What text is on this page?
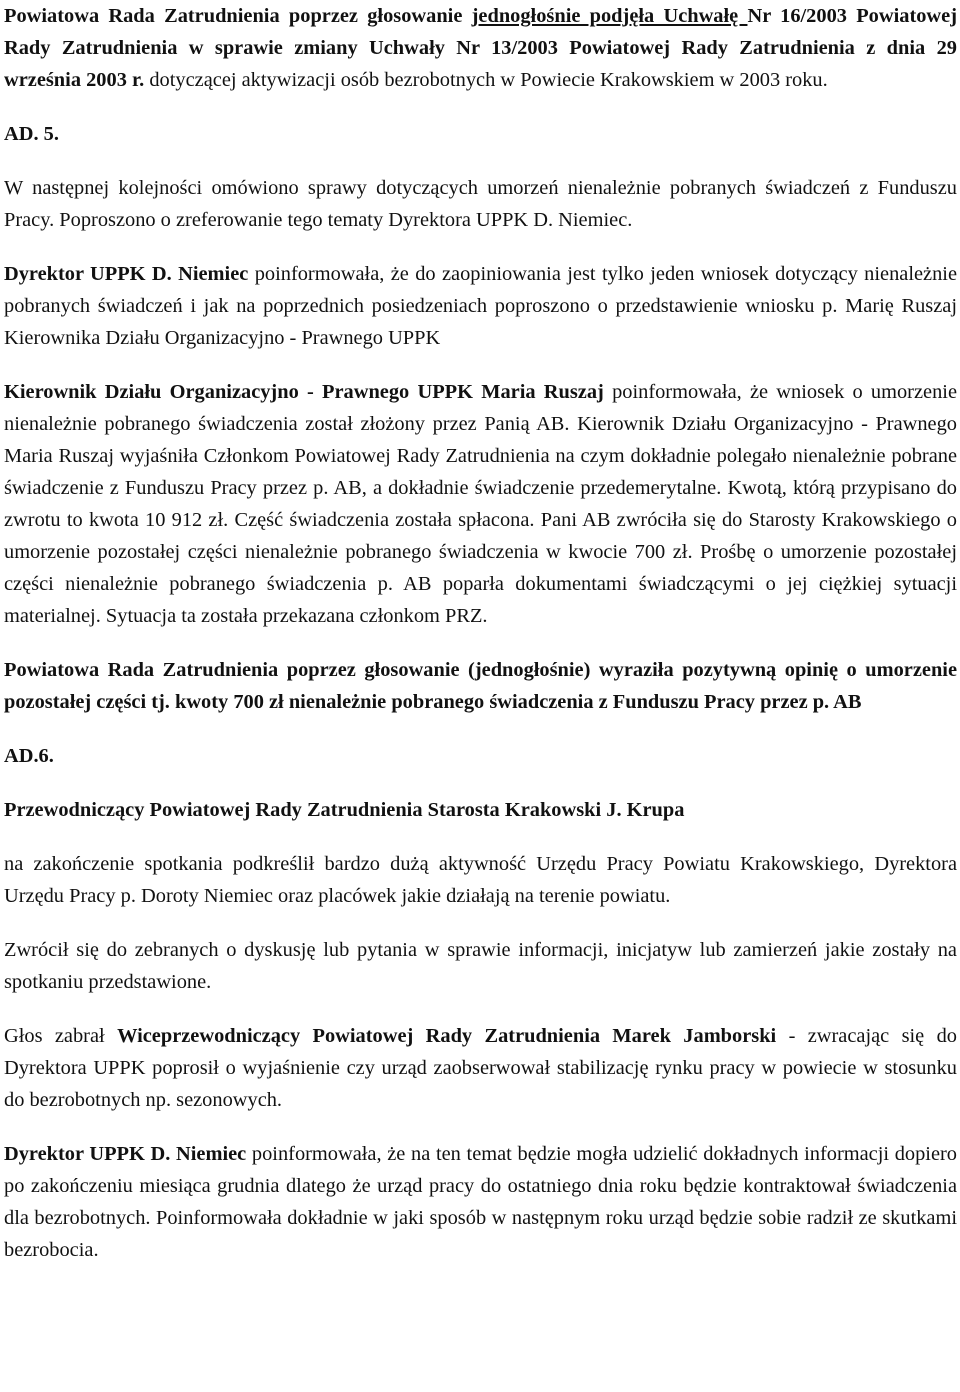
Powiatowa Rada Zatrudnienia poprzez głosowanie jednogłośnie podjęła Uchwałę Nr 16/2003 Powiatowej Rady Zatrudnienia w sprawie zmiany Uchwały Nr 13/2003 Powiatowej Rady Zatrudnienia z dnia 29 września 2003 r. dotyczącej aktywizacji osób bezrobotnych w Powiecie Krakowskiem w 2003 roku.

AD. 5.

W następnej kolejności omówiono sprawy dotyczących umorzeń nienależnie pobranych świadczeń z Funduszu Pracy. Poproszono o zreferowanie tego tematy Dyrektora UPPK D. Niemiec.

Dyrektor UPPK D. Niemiec poinformowała, że do zaopiniowania jest tylko jeden wniosek dotyczący nienależnie pobranych świadczeń i jak na poprzednich posiedzeniach poproszono o przedstawienie wniosku p. Marię Ruszaj Kierownika Działu Organizacyjno - Prawnego UPPK

Kierownik Działu Organizacyjno - Prawnego UPPK Maria Ruszaj poinformowała, że wniosek o umorzenie nienależnie pobranego świadczenia został złożony przez Panią AB. Kierownik Działu Organizacyjno - Prawnego Maria Ruszaj wyjaśniła Członkom Powiatowej Rady Zatrudnienia na czym dokładnie polegało nienależnie pobrane świadczenie z Funduszu Pracy przez p. AB, a dokładnie świadczenie przedemerytalne. Kwotą, którą przypisano do zwrotu to kwota 10 912 zł. Część świadczenia została spłacona. Pani AB zwróciła się do Starosty Krakowskiego o umorzenie pozostałej części nienależnie pobranego świadczenia w kwocie 700 zł. Prośbę o umorzenie pozostałej części nienależnie pobranego świadczenia p. AB poparła dokumentami świadczącymi o jej ciężkiej sytuacji materialnej. Sytuacja ta została przekazana członkom PRZ.

Powiatowa Rada Zatrudnienia poprzez głosowanie (jednogłośnie) wyraziła pozytywną opinię o umorzenie pozostałej części tj. kwoty 700 zł nienależnie pobranego świadczenia z Funduszu Pracy przez p. AB

AD.6.

Przewodniczący Powiatowej Rady Zatrudnienia Starosta Krakowski J. Krupa

na zakończenie spotkania podkreślił bardzo dużą aktywność Urzędu Pracy Powiatu Krakowskiego, Dyrektora Urzędu Pracy p. Doroty Niemiec oraz placówek jakie działają na terenie powiatu.

Zwrócił się do zebranych o dyskusję lub pytania w sprawie informacji, inicjatyw lub zamierzeń jakie zostały na spotkaniu przedstawione.

Głos zabrał Wiceprzewodniczący Powiatowej Rady Zatrudnienia Marek Jamborski - zwracając się do Dyrektora UPPK poprosił o wyjaśnienie czy urząd zaobserwował stabilizację rynku pracy w powiecie w stosunku do bezrobotnych np. sezonowych.

Dyrektor UPPK D. Niemiec poinformowała, że na ten temat będzie mogła udzielić dokładnych informacji dopiero po zakończeniu miesiąca grudnia dlatego że urząd pracy do ostatniego dnia roku będzie kontraktował świadczenia dla bezrobotnych. Poinformowała dokładnie w jaki sposób w następnym roku urząd będzie sobie radził ze skutkami bezrobocia.
